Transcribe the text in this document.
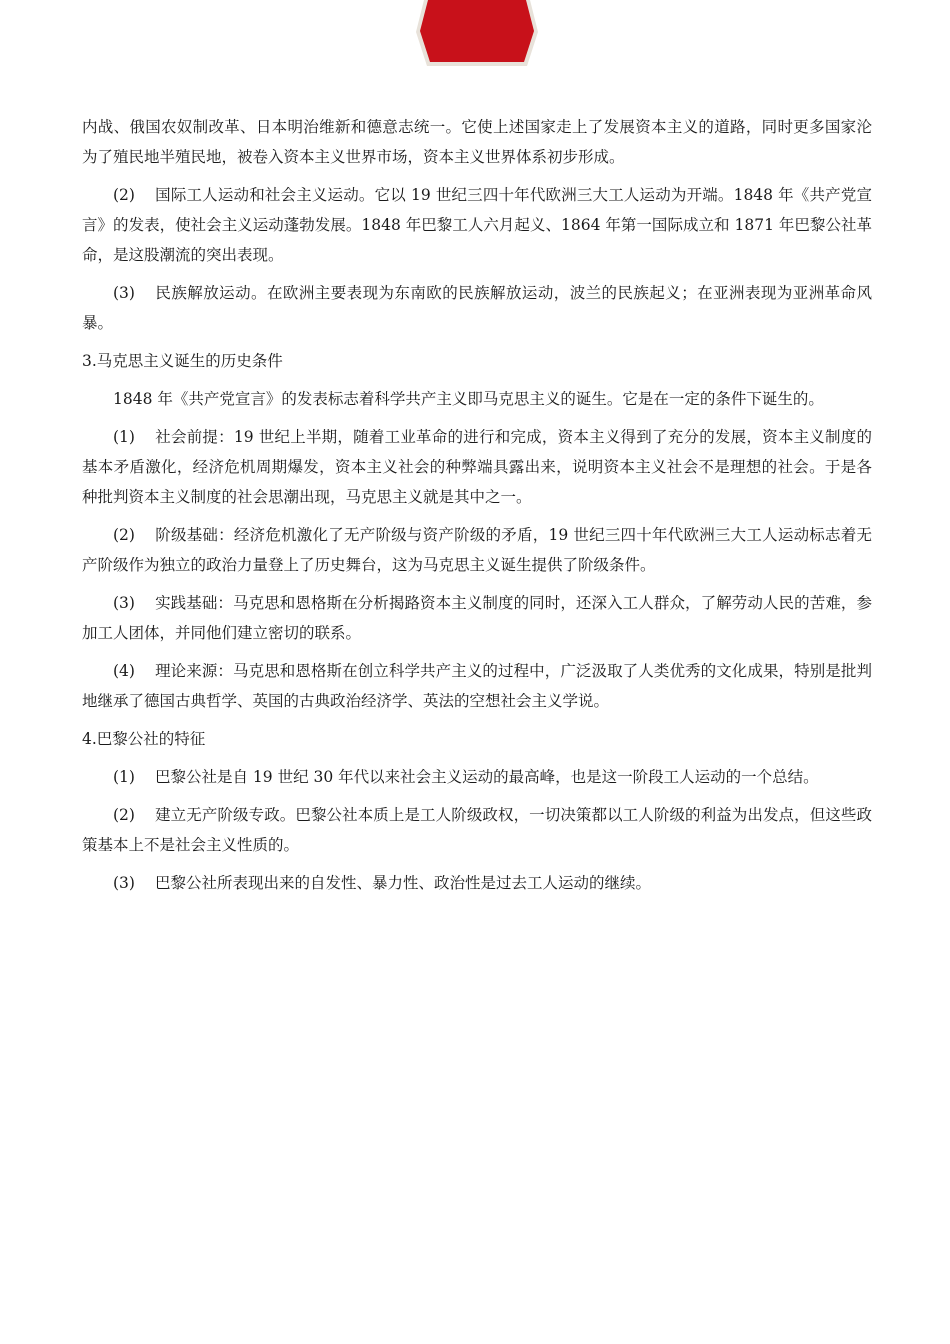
内战、俄国农奴制改革、日本明治维新和德意志统一。它使上述国家走上了发展资本主义的道路，同时更多国家沦为了殖民地半殖民地，被卷入资本主义世界市场，资本主义世界体系初步形成。

(2) 国际工人运动和社会主义运动。它以 19 世纪三四十年代欧洲三大工人运动为开端。1848 年《共产党宣言》的发表，使社会主义运动蓬勃发展。1848 年巴黎工人六月起义、1864 年第一国际成立和 1871 年巴黎公社革命，是这股潮流的突出表现。

(3) 民族解放运动。在欧洲主要表现为东南欧的民族解放运动，波兰的民族起义；在亚洲表现为亚洲革命风暴。

3.马克思主义诞生的历史条件

1848 年《共产党宣言》的发表标志着科学共产主义即马克思主义的诞生。它是在一定的条件下诞生的。

(1) 社会前提：19 世纪上半期，随着工业革命的进行和完成，资本主义得到了充分的发展，资本主义制度的基本矛盾激化，经济危机周期爆发，资本主义社会的种弊端具露出来，说明资本主义社会不是理想的社会。于是各种批判资本主义制度的社会思潮出现，马克思主义就是其中之一。

(2) 阶级基础：经济危机激化了无产阶级与资产阶级的矛盾，19 世纪三四十年代欧洲三大工人运动标志着无产阶级作为独立的政治力量登上了历史舞台，这为马克思主义诞生提供了阶级条件。

(3) 实践基础：马克思和恩格斯在分析揭路资本主义制度的同时，还深入工人群众，了解劳动人民的苦难，参加工人团体，并同他们建立密切的联系。

(4) 理论来源：马克思和恩格斯在创立科学共产主义的过程中，广泛汲取了人类优秀的文化成果，特别是批判地继承了德国古典哲学、英国的古典政治经济学、英法的空想社会主义学说。

4.巴黎公社的特征

(1) 巴黎公社是自 19 世纪 30 年代以来社会主义运动的最高峰，也是这一阶段工人运动的一个总结。

(2) 建立无产阶级专政。巴黎公社本质上是工人阶级政权，一切决策都以工人阶级的利益为出发点，但这些政策基本上不是社会主义性质的。

(3) 巴黎公社所表现出来的自发性、暴力性、政治性是过去工人运动的继续。
